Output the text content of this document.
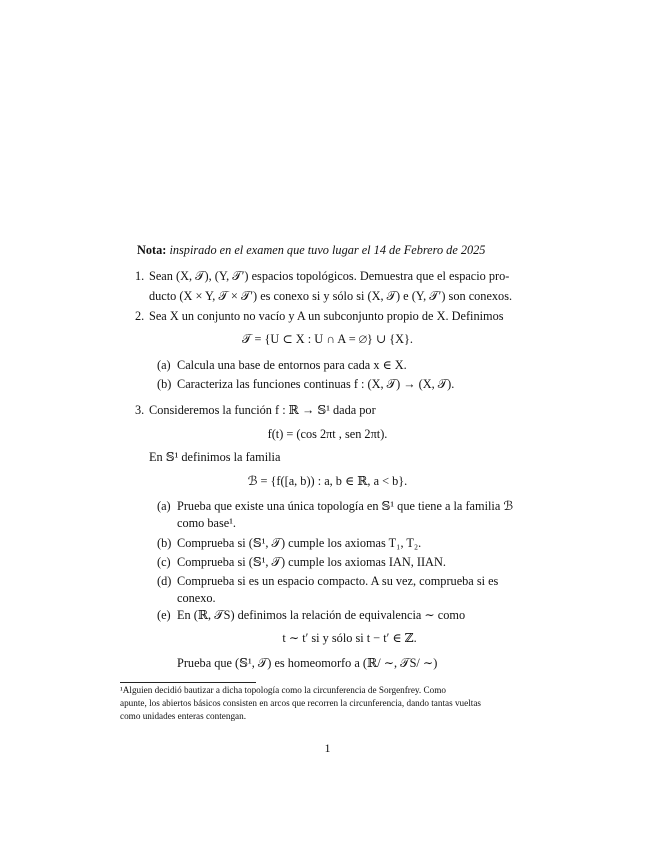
Nota: inspirado en el examen que tuvo lugar el 14 de Febrero de 2025
1. Sean (X, 𝒯), (Y, 𝒯′) espacios topológicos. Demuestra que el espacio pro-
ducto (X × Y, 𝒯 × 𝒯′) es conexo si y sólo si (X, 𝒯) e (Y, 𝒯′) son conexos.
2. Sea X un conjunto no vacío y A un subconjunto propio de X. Definimos
𝒯 = {U ⊂ X : U ∩ A = ∅} ∪ {X}.
(a) Calcula una base de entornos para cada x ∈ X.
(b) Caracteriza las funciones continuas f : (X, 𝒯) → (X, 𝒯).
3. Consideremos la función f : ℝ → 𝕊¹ dada por
f(t) = (cos 2πt , sen 2πt).
En 𝕊¹ definimos la familia
ℬ = {f([a, b)) : a, b ∈ ℝ, a < b}.
(a) Prueba que existe una única topología en 𝕊¹ que tiene a la familia ℬ
como base¹.
(b) Comprueba si (𝕊¹, 𝒯) cumple los axiomas T₁, T₂.
(c) Comprueba si (𝕊¹, 𝒯) cumple los axiomas IAN, IIAN.
(d) Comprueba si es un espacio compacto. A su vez, comprueba si es
conexo.
(e) En (ℝ, 𝒯S) definimos la relación de equivalencia ∼ como
t ∼ t′ si y sólo si t − t′ ∈ ℤ.
Prueba que (𝕊¹, 𝒯) es homeomorfo a (ℝ/ ∼, 𝒯S/ ∼)
¹Alguien decidió bautizar a dicha topología como la circunferencia de Sorgenfrey. Como
apunte, los abiertos básicos consisten en arcos que recorren la circunferencia, dando tantas vueltas
como unidades enteras contengan.
1
